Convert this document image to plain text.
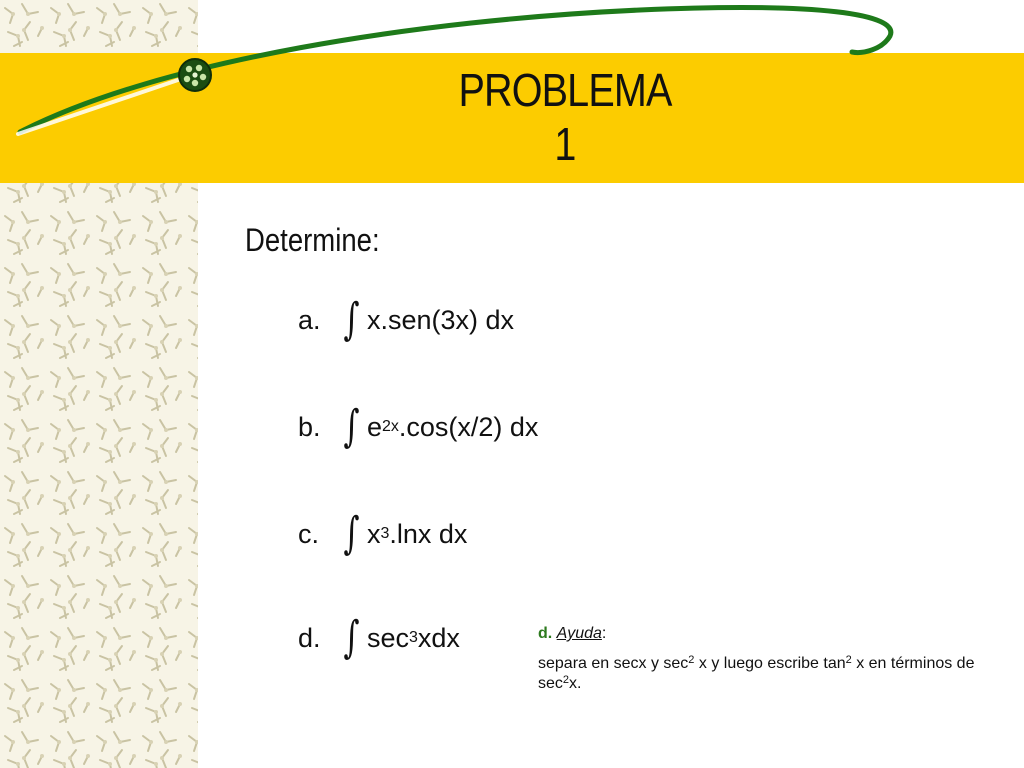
PROBLEMA
1
Determine:
a. ∫ x.sen(3x) dx
b. ∫ e 2x .cos(x/2) dx
c. ∫ x 3 .lnx dx
d. ∫ sec 3 xdx	d. Ayuda:
separa en secx y $\sec^2 x$ y luego escribe $\tan^2 x$ en términos de $\sec^2x$.
